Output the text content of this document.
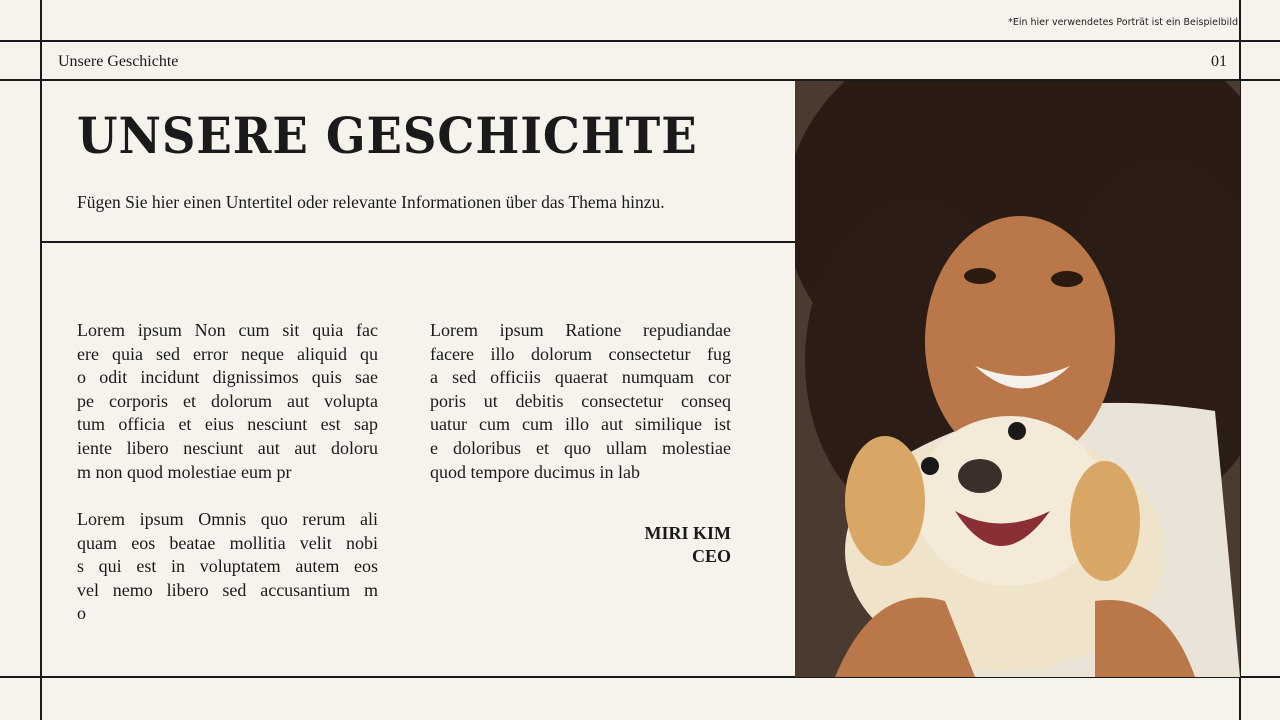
*Ein hier verwendetes Porträt ist ein Beispielbild
Unsere Geschichte	01
UNSERE GESCHICHTE
Fügen Sie hier einen Untertitel oder relevante Informationen über das Thema hinzu.
Lorem ipsum Non cum sit quia fac
ere quia sed error neque aliquid qu
o odit incidunt dignissimos quis sae
pe corporis et dolorum aut volupta
tum officia et eius nesciunt est sap
iente libero nesciunt aut aut doloru
m non quod molestiae eum pr
Lorem ipsum Omnis quo rerum ali
quam eos beatae mollitia velit nobi
s qui est in voluptatem autem eos
vel nemo libero sed accusantium m
o
Lorem ipsum Ratione repudiandae
facere illo dolorum consectetur fug
a sed officiis quaerat numquam cor
poris ut debitis consectetur conseq
uatur cum cum illo aut similique ist
e doloribus et quo ullam molestiae
quod tempore ducimus in lab
MIRI KIM
CEO
